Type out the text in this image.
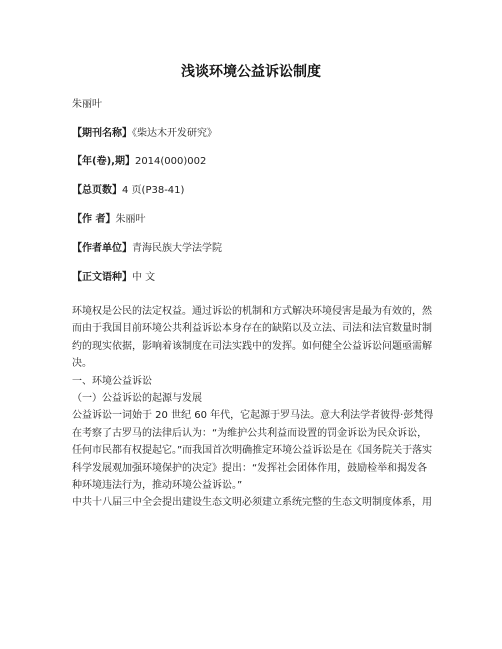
浅谈环境公益诉讼制度
朱丽叶
【期刊名称】《柴达木开发研究》
【年(卷),期】2014(000)002
【总页数】4 页(P38-41)
【作 者】朱丽叶
【作者单位】青海民族大学法学院
【正文语种】中 文

环境权是公民的法定权益。通过诉讼的机制和方式解决环境侵害是最为有效的，然而由于我国目前环境公共利益诉讼本身存在的缺陷以及立法、司法和法官数量时制约的现实依据，影响着该制度在司法实践中的发挥。如何健全公益诉讼问题亟需解决。

一、环境公益诉讼

（一）公益诉讼的起源与发展

公益诉讼一词始于 20 世纪 60 年代，它起源于罗马法。意大利法学者彼得·彭梵得在考察了古罗马的法律后认为：“为维护公共利益而设置的罚金诉讼为民众诉讼，任何市民都有权提起它。”而我国首次明确推定环境公益诉讼是在《国务院关于落实科学发展观加强环境保护的决定》提出：“发挥社会团体作用，鼓励检举和揭发各种环境违法行为，推动环境公益诉讼。”

中共十八届三中全会提出建设生态文明必须建立系统完整的生态文明制度体系，用
